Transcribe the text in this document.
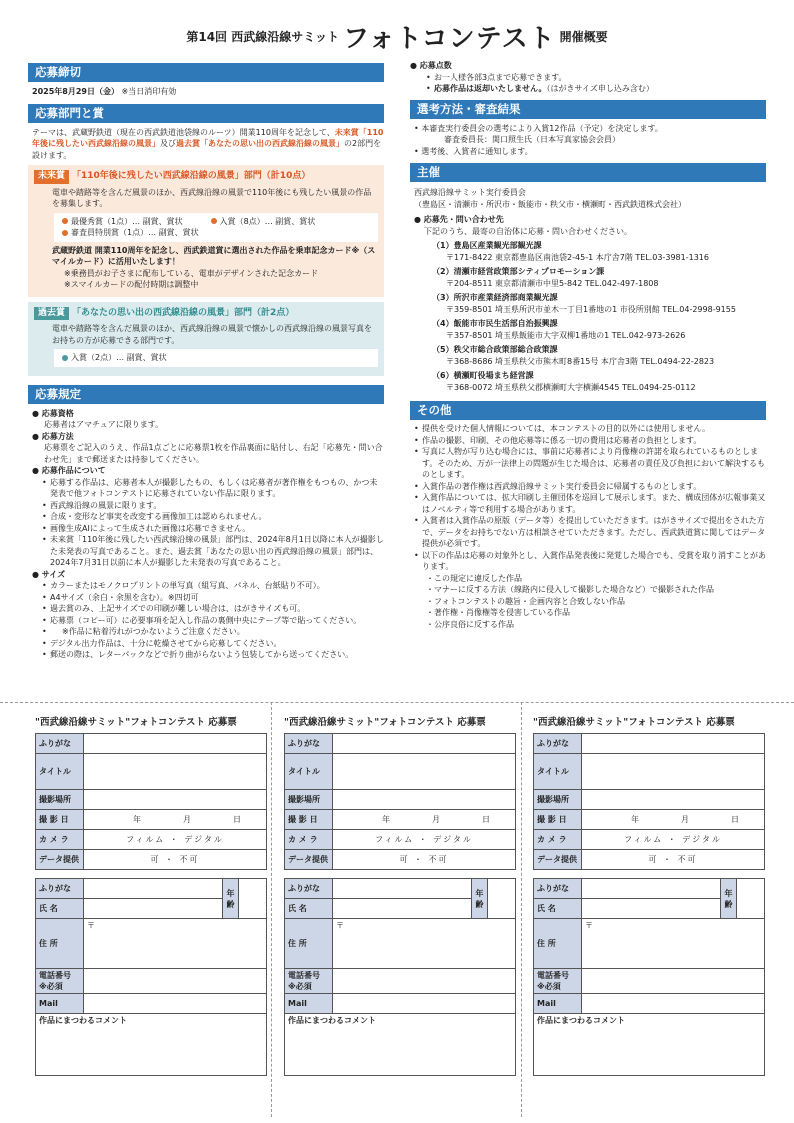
第14回 西武線沿線サミット フォトコンテスト 開催概要
応募締切
2025年8月29日（金） ※当日消印有効
応募部門と賞
テーマは、武蔵野鉄道（現在の西武鉄道池袋線のルーツ）開業110周年を記念して、未来賞「110年後に残したい西武線沿線の風景」及び過去賞「あなたの思い出の西武線沿線の風景」の2部門を設けます。
未来賞 「110年後に残したい西武線沿線の風景」部門（計10点）
電車や踏路等を含んだ風景のほか、西武線沿線の風景で110年後にも残したい風景の作品を募集します。
最優秀賞（1点）… 副賞、賞状	入賞（8点）… 副賞、賞状
審査員特別賞（1点）… 副賞、賞状
武蔵野鉄道 開業110周年を記念し、西武鉄道賞に選出された作品を乗車記念カード※（スマイルカード）に活用いたします！
※乗務員がお子さまに配布している、電車がデザインされた記念カード
※スマイルカードの配付時期は調整中
過去賞 「あなたの思い出の西武線沿線の風景」部門（計2点）
電車や踏路等を含んだ風景のほか、西武線沿線の風景で懐かしの西武線沿線の風景写真をお持ちの方が応募できる部門です。
入賞（2点）… 副賞、賞状
応募規定
● 応募資格
応募者はアマチュアに限ります。
● 応募方法
応募票をご記入のうえ、作品1点ごとに応募票1枚を作品裏面に貼付し、右記「応募先・問い合わせ先」まで郵送または持参してください。
● 応募作品について
• 応募する作品は、応募者本人が撮影したもの、もしくは応募者が著作権をもつもの、かつ未発表で他フォトコンテストに応募されていない作品に限ります。
• 西武線沿線の風景に限ります。
• 合成・変形など事実を改変する画像加工は認められません。
• 画像生成AIによって生成された画像は応募できません。
• 未来賞「110年後に残したい西武線沿線の風景」部門は、2024年8月1日以降に本人が撮影した未発表の写真であること。また、過去賞「あなたの思い出の西武線沿線の風景」部門は、2024年7月31日以前に本人が撮影した未発表の写真であること。
● サイズ
• カラーまたはモノクロプリントの単写真（組写真、パネル、台紙貼り不可）。
• A4サイズ（余白・余黒を含む）。※四切可
• 過去賞のみ、上記サイズでの印刷が難しい場合は、はがきサイズも可。
• 応募票（コピー可）に必要事項を記入し作品の裏側中央にテープ等で貼ってください。
• ※作品に粘着汚れがつかないようご注意ください。
• デジタル出力作品は、十分に乾燥させてから応募してください。
• 郵送の際は、レターパックなどで折り曲がらないよう包装してから送ってください。
● 応募点数
• お一人様各部3点まで応募できます。
• 応募作品は返却いたしません。（はがきサイズ申し込み含む）
選考方法・審査結果
• 本審査実行委員会の選考により入賞12作品（予定）を決定します。
審査委員長：関口照生氏（日本写真家協会会員）
• 選考後、入賞者に通知します。
主催
西武線沿線サミット実行委員会
（豊島区・清瀬市・所沢市・飯能市・秩父市・横瀬町・西武鉄道株式会社）
● 応募先・問い合わせ先
下記のうち、最寄の自治体に応募・問い合わせください。
（1）豊島区産業観光部観光課
〒171-8422 東京都豊島区南池袋2-45-1 本庁舎7階 TEL.03-3981-1316
（2）清瀬市経営政策部シティプロモーション課
〒204-8511 東京都清瀬市中里5-842 TEL.042-497-1808
（3）所沢市産業経済部商業観光課
〒359-8501 埼玉県所沢市並木一丁目1番地の1 市役所別館 TEL.04-2998-9155
（4）飯能市市民生活部自治振興課
〒357-8501 埼玉県飯能市大字双柳1番地の1 TEL.042-973-2626
（5）秩父市総合政策部総合政策課
〒368-8686 埼玉県秩父市熊木町8番15号 本庁舎3階 TEL.0494-22-2823
（6）横瀬町役場まち経営課
〒368-0072 埼玉県秩父郡横瀬町大字横瀬4545 TEL.0494-25-0112
その他
• 提供を受けた個人情報については、本コンテストの目的以外には使用しません。
• 作品の撮影、印刷、その他応募等に係る一切の費用は応募者の負担とします。
• 写真に人物が写り込む場合には、事前に応募者により肖像権の許諾を取られているものとします。そのため、万が一法律上の問題が生じた場合は、応募者の責任及び負担において解決するものとします。
• 入賞作品の著作権は西武線沿線サミット実行委員会に帰属するものとします。
• 入賞作品については、拡大印刷し主催団体を巡回して展示します。また、構成団体が広報事業又はノベルティ等で利用する場合があります。
• 入賞者は入賞作品の原版（データ等）を提出していただきます。はがきサイズで提出をされた方で、データをお持ちでない方は相談させていただきます。ただし、西武鉄道賞に関してはデータ提供が必須です。
• 以下の作品は応募の対象外とし、入賞作品発表後に発覚した場合でも、受賞を取り消すことがあります。
・この規定に違反した作品
・マナーに反する方法（線路内に侵入して撮影した場合など）で撮影された作品
・フォトコンテストの趣旨・企画内容と合致しない作品
・著作権・肖像権等を侵害している作品
・公序良俗に反する作品
"西武線沿線サミット"フォトコンテスト 応募票
ふりがな	
タイトル	
撮影場所	
撮 影 日	年 月 日
カ メ ラ	フィルム ・ デジタル
データ提供	可 ・ 不可
ふりがな		年齢	
氏 名			
住 所	〒		

電話番号
※必須			

Mail			
作品にまつわるコメント			
"西武線沿線サミット"フォトコンテスト 応募票
ふりがな	
タイトル	
撮影場所	
撮 影 日	年 月 日
カ メ ラ	フィルム ・ デジタル
データ提供	可 ・ 不可
ふりがな		年齢	
氏 名			
住 所	〒		

電話番号
※必須			

Mail			
作品にまつわるコメント			
"西武線沿線サミット"フォトコンテスト 応募票
ふりがな	
タイトル	
撮影場所	
撮 影 日	年 月 日
カ メ ラ	フィルム ・ デジタル
データ提供	可 ・ 不可
ふりがな		年齢	
氏 名			
住 所	〒		

電話番号
※必須			

Mail			
作品にまつわるコメント			
